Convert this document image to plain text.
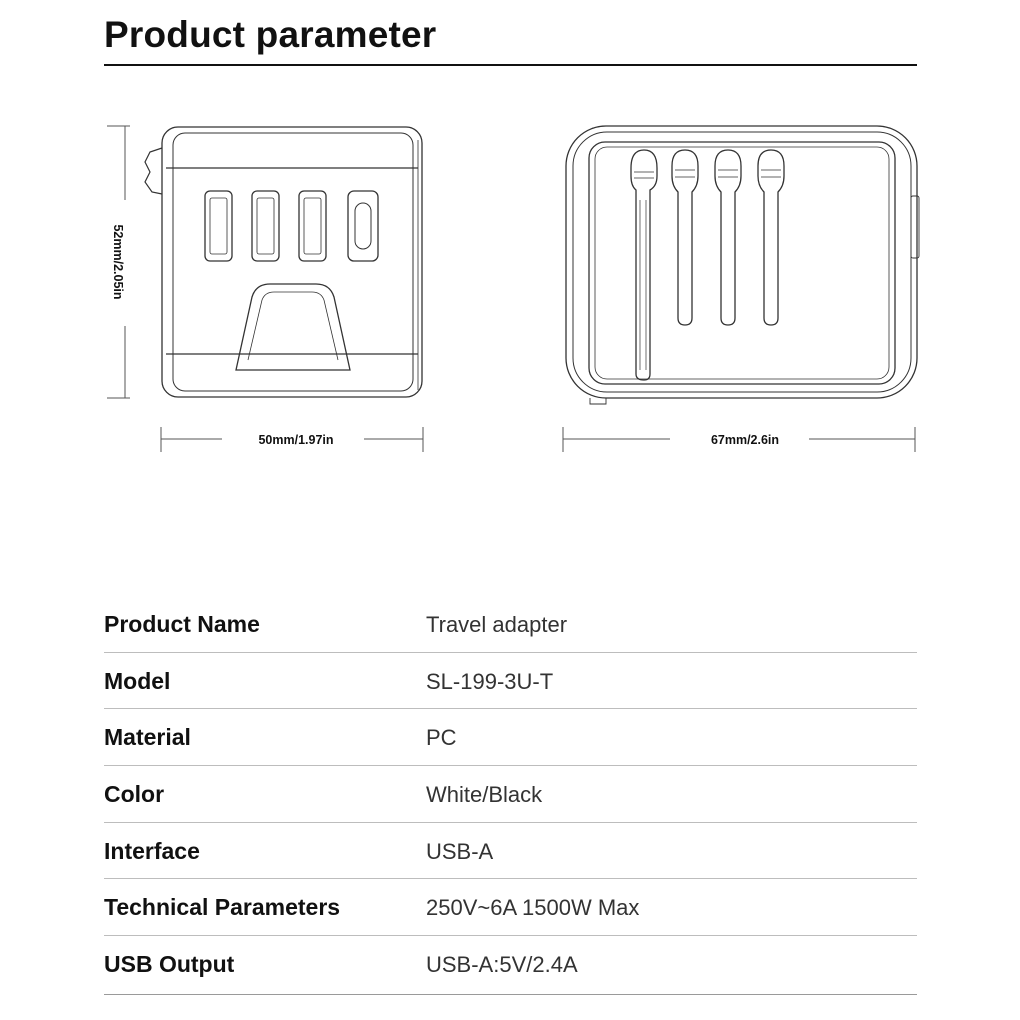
Product parameter
52mm/2.05in
50mm/1.97in	67mm/2.6in
Product Name	Travel adapter
Model	SL-199-3U-T
Material	PC
Color	White/Black
Interface	USB-A
Technical Parameters	250V~6A 1500W Max
USB Output	USB-A:5V/2.4A
